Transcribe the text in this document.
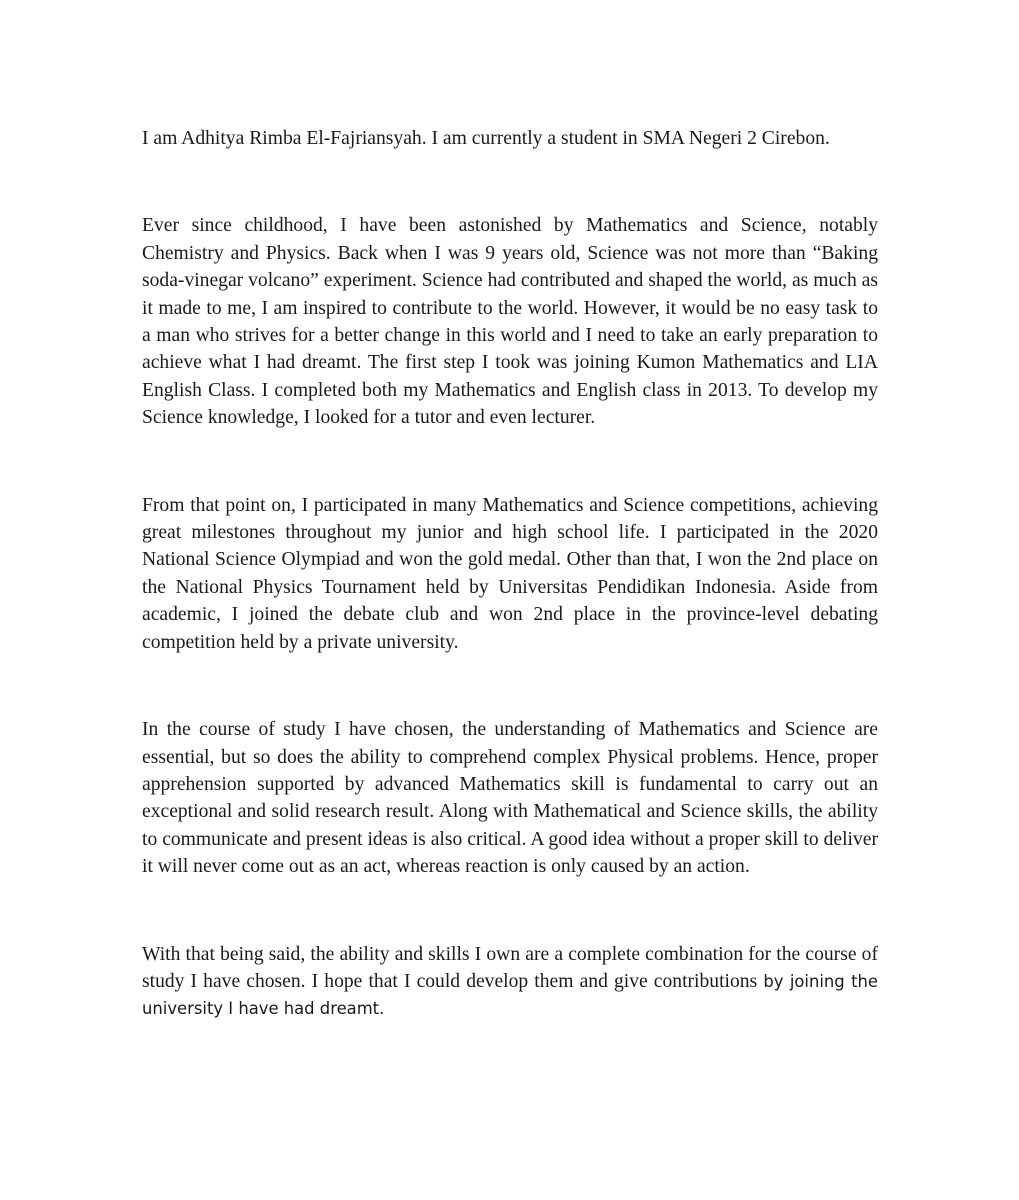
I am Adhitya Rimba El-Fajriansyah. I am currently a student in SMA Negeri 2 Cirebon.

Ever since childhood, I have been astonished by Mathematics and Science, notably Chemistry and Physics. Back when I was 9 years old, Science was not more than “Baking soda-vinegar volcano” experiment. Science had contributed and shaped the world, as much as it made to me, I am inspired to contribute to the world. However, it would be no easy task to a man who strives for a better change in this world and I need to take an early preparation to achieve what I had dreamt. The first step I took was joining Kumon Mathematics and LIA English Class. I completed both my Mathematics and English class in 2013. To develop my Science knowledge, I looked for a tutor and even lecturer.

From that point on, I participated in many Mathematics and Science competitions, achieving great milestones throughout my junior and high school life. I participated in the 2020 National Science Olympiad and won the gold medal. Other than that, I won the 2nd place on the National Physics Tournament held by Universitas Pendidikan Indonesia. Aside from academic, I joined the debate club and won 2nd place in the province-level debating competition held by a private university.

In the course of study I have chosen, the understanding of Mathematics and Science are essential, but so does the ability to comprehend complex Physical problems. Hence, proper apprehension supported by advanced Mathematics skill is fundamental to carry out an exceptional and solid research result. Along with Mathematical and Science skills, the ability to communicate and present ideas is also critical. A good idea without a proper skill to deliver it will never come out as an act, whereas reaction is only caused by an action.

With that being said, the ability and skills I own are a complete combination for the course of study I have chosen. I hope that I could develop them and give contributions by joining the university I have had dreamt.
